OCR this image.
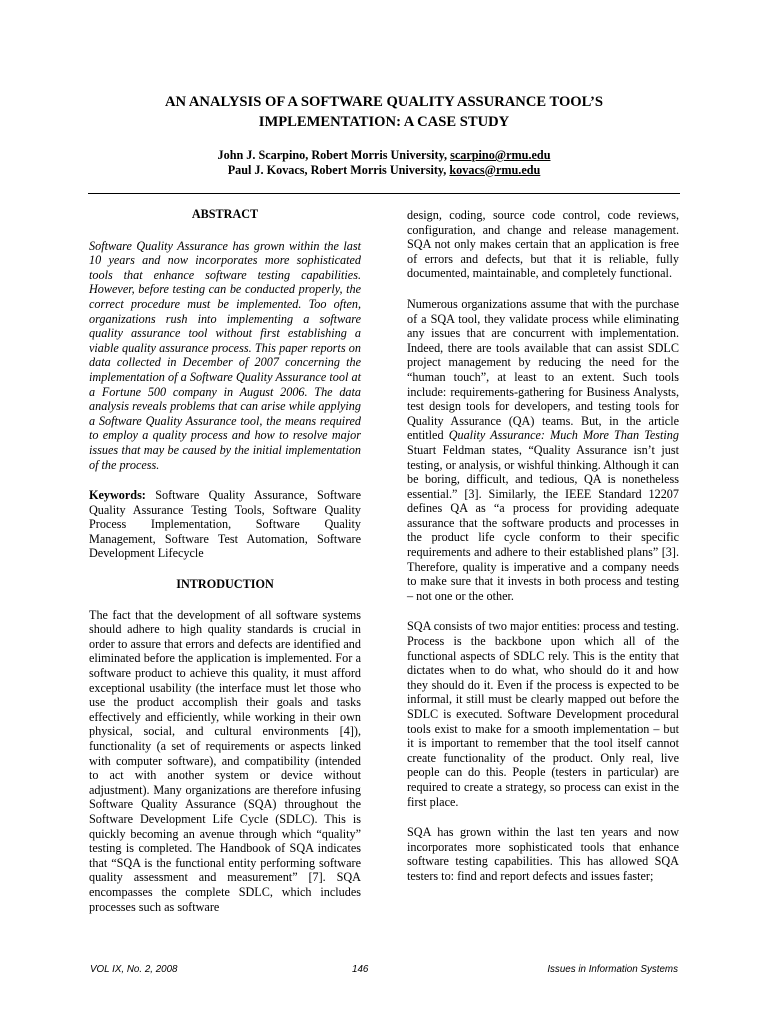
AN ANALYSIS OF A SOFTWARE QUALITY ASSURANCE TOOL’S
IMPLEMENTATION: A CASE STUDY
John J. Scarpino, Robert Morris University, scarpino@rmu.edu
Paul J. Kovacs, Robert Morris University, kovacs@rmu.edu

ABSTRACT

Software Quality Assurance has grown within the last 10 years and now incorporates more sophisticated tools that enhance software testing capabilities. However, before testing can be conducted properly, the correct procedure must be implemented. Too often, organizations rush into implementing a software quality assurance tool without first establishing a viable quality assurance process. This paper reports on data collected in December of 2007 concerning the implementation of a Software Quality Assurance tool at a Fortune 500 company in August 2006. The data analysis reveals problems that can arise while applying a Software Quality Assurance tool, the means required to employ a quality process and how to resolve major issues that may be caused by the initial implementation of the process.

Keywords: Software Quality Assurance, Software Quality Assurance Testing Tools, Software Quality Process Implementation, Software Quality Management, Software Test Automation, Software Development Lifecycle

INTRODUCTION

The fact that the development of all software systems should adhere to high quality standards is crucial in order to assure that errors and defects are identified and eliminated before the application is implemented. For a software product to achieve this quality, it must afford exceptional usability (the interface must let those who use the product accomplish their goals and tasks effectively and efficiently, while working in their own physical, social, and cultural environments [4]), functionality (a set of requirements or aspects linked with computer software), and compatibility (intended to act with another system or device without adjustment). Many organizations are therefore infusing Software Quality Assurance (SQA) throughout the Software Development Life Cycle (SDLC). This is quickly becoming an avenue through which “quality” testing is completed. The Handbook of SQA indicates that “SQA is the functional entity performing software quality assessment and measurement” [7]. SQA encompasses the complete SDLC, which includes processes such as software

design, coding, source code control, code reviews, configuration, and change and release management. SQA not only makes certain that an application is free of errors and defects, but that it is reliable, fully documented, maintainable, and completely functional.

Numerous organizations assume that with the purchase of a SQA tool, they validate process while eliminating any issues that are concurrent with implementation. Indeed, there are tools available that can assist SDLC project management by reducing the need for the “human touch”, at least to an extent. Such tools include: requirements-gathering for Business Analysts, test design tools for developers, and testing tools for Quality Assurance (QA) teams. But, in the article entitled Quality Assurance: Much More Than Testing Stuart Feldman states, “Quality Assurance isn’t just testing, or analysis, or wishful thinking. Although it can be boring, difficult, and tedious, QA is nonetheless essential.” [3]. Similarly, the IEEE Standard 12207 defines QA as “a process for providing adequate assurance that the software products and processes in the product life cycle conform to their specific requirements and adhere to their established plans” [3]. Therefore, quality is imperative and a company needs to make sure that it invests in both process and testing – not one or the other.

SQA consists of two major entities: process and testing. Process is the backbone upon which all of the functional aspects of SDLC rely. This is the entity that dictates when to do what, who should do it and how they should do it. Even if the process is expected to be informal, it still must be clearly mapped out before the SDLC is executed. Software Development procedural tools exist to make for a smooth implementation – but it is important to remember that the tool itself cannot create functionality of the product. Only real, live people can do this. People (testers in particular) are required to create a strategy, so process can exist in the first place.

SQA has grown within the last ten years and now incorporates more sophisticated tools that enhance software testing capabilities. This has allowed SQA testers to: find and report defects and issues faster;

VOL IX, No. 2, 2008	146	Issues in Information Systems
